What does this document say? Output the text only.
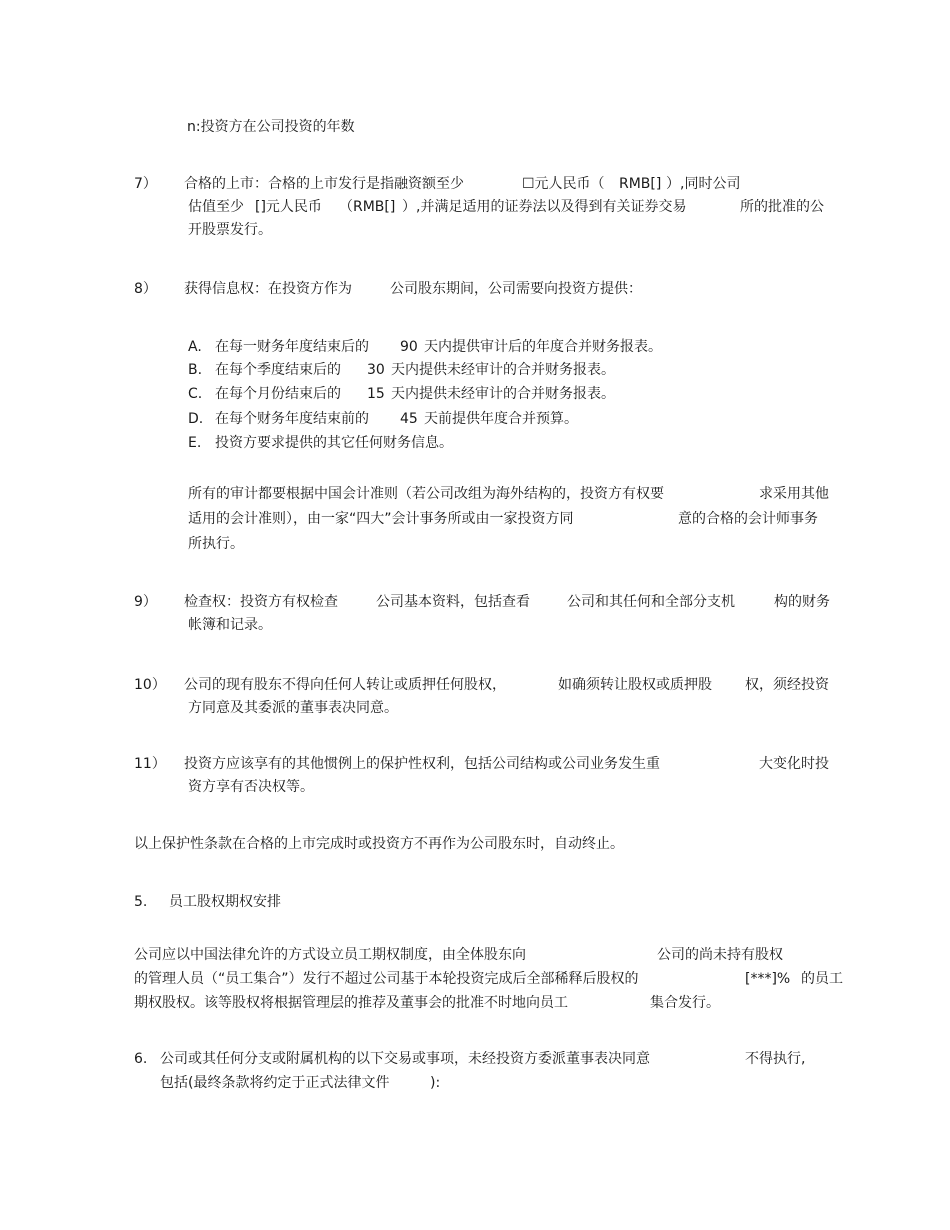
n:投资方在公司投资的年数
7） 合格的上市：合格的上市发行是指融资额至少	☐元人民币（ RMB[] ）,同时公司
估值至少 []元人民币 （RMB[] ）,并满足适用的证券法以及得到有关证券交易	所的批准的公
开股票发行。
8） 获得信息权：在投资方作为	公司股东期间，公司需要向投资方提供：
A. 在每一财务年度结束后的 90 天内提供审计后的年度合并财务报表。
B. 在每个季度结束后的 30 天内提供未经审计的合并财务报表。
C. 在每个月份结束后的 15 天内提供未经审计的合并财务报表。
D. 在每个财务年度结束前的 45 天前提供年度合并预算。
E. 投资方要求提供的其它任何财务信息。
所有的审计都要根据中国会计准则（若公司改组为海外结构的，投资方有权要	求采用其他
适用的会计准则），由一家“四大”会计事务所或由一家投资方同	意的合格的会计师事务
所执行。
9） 检查权：投资方有权检查	公司基本资料，包括查看	公司和其任何和全部分支机	构的财务
帐簿和记录。
10） 公司的现有股东不得向任何人转让或质押任何股权，	如确须转让股权或质押股 权，须经投资
方同意及其委派的董事表决同意。
11） 投资方应该享有的其他惯例上的保护性权利，包括公司结构或公司业务发生重	大变化时投
资方享有否决权等。
以上保护性条款在合格的上市完成时或投资方不再作为公司股东时，自动终止。
5. 员工股权期权安排
公司应以中国法律允许的方式设立员工期权制度，由全体股东向	公司的尚未持有股权
的管理人员（“员工集合”）发行不超过公司基于本轮投资完成后全部稀释后股权的	[***]% 的员工
期权股权。该等股权将根据管理层的推荐及董事会的批准不时地向员工	集合发行。
6. 公司或其任何分支或附属机构的以下交易或事项，未经投资方委派董事表决同意	不得执行,
包括(最终条款将约定于正式法律文件	):
